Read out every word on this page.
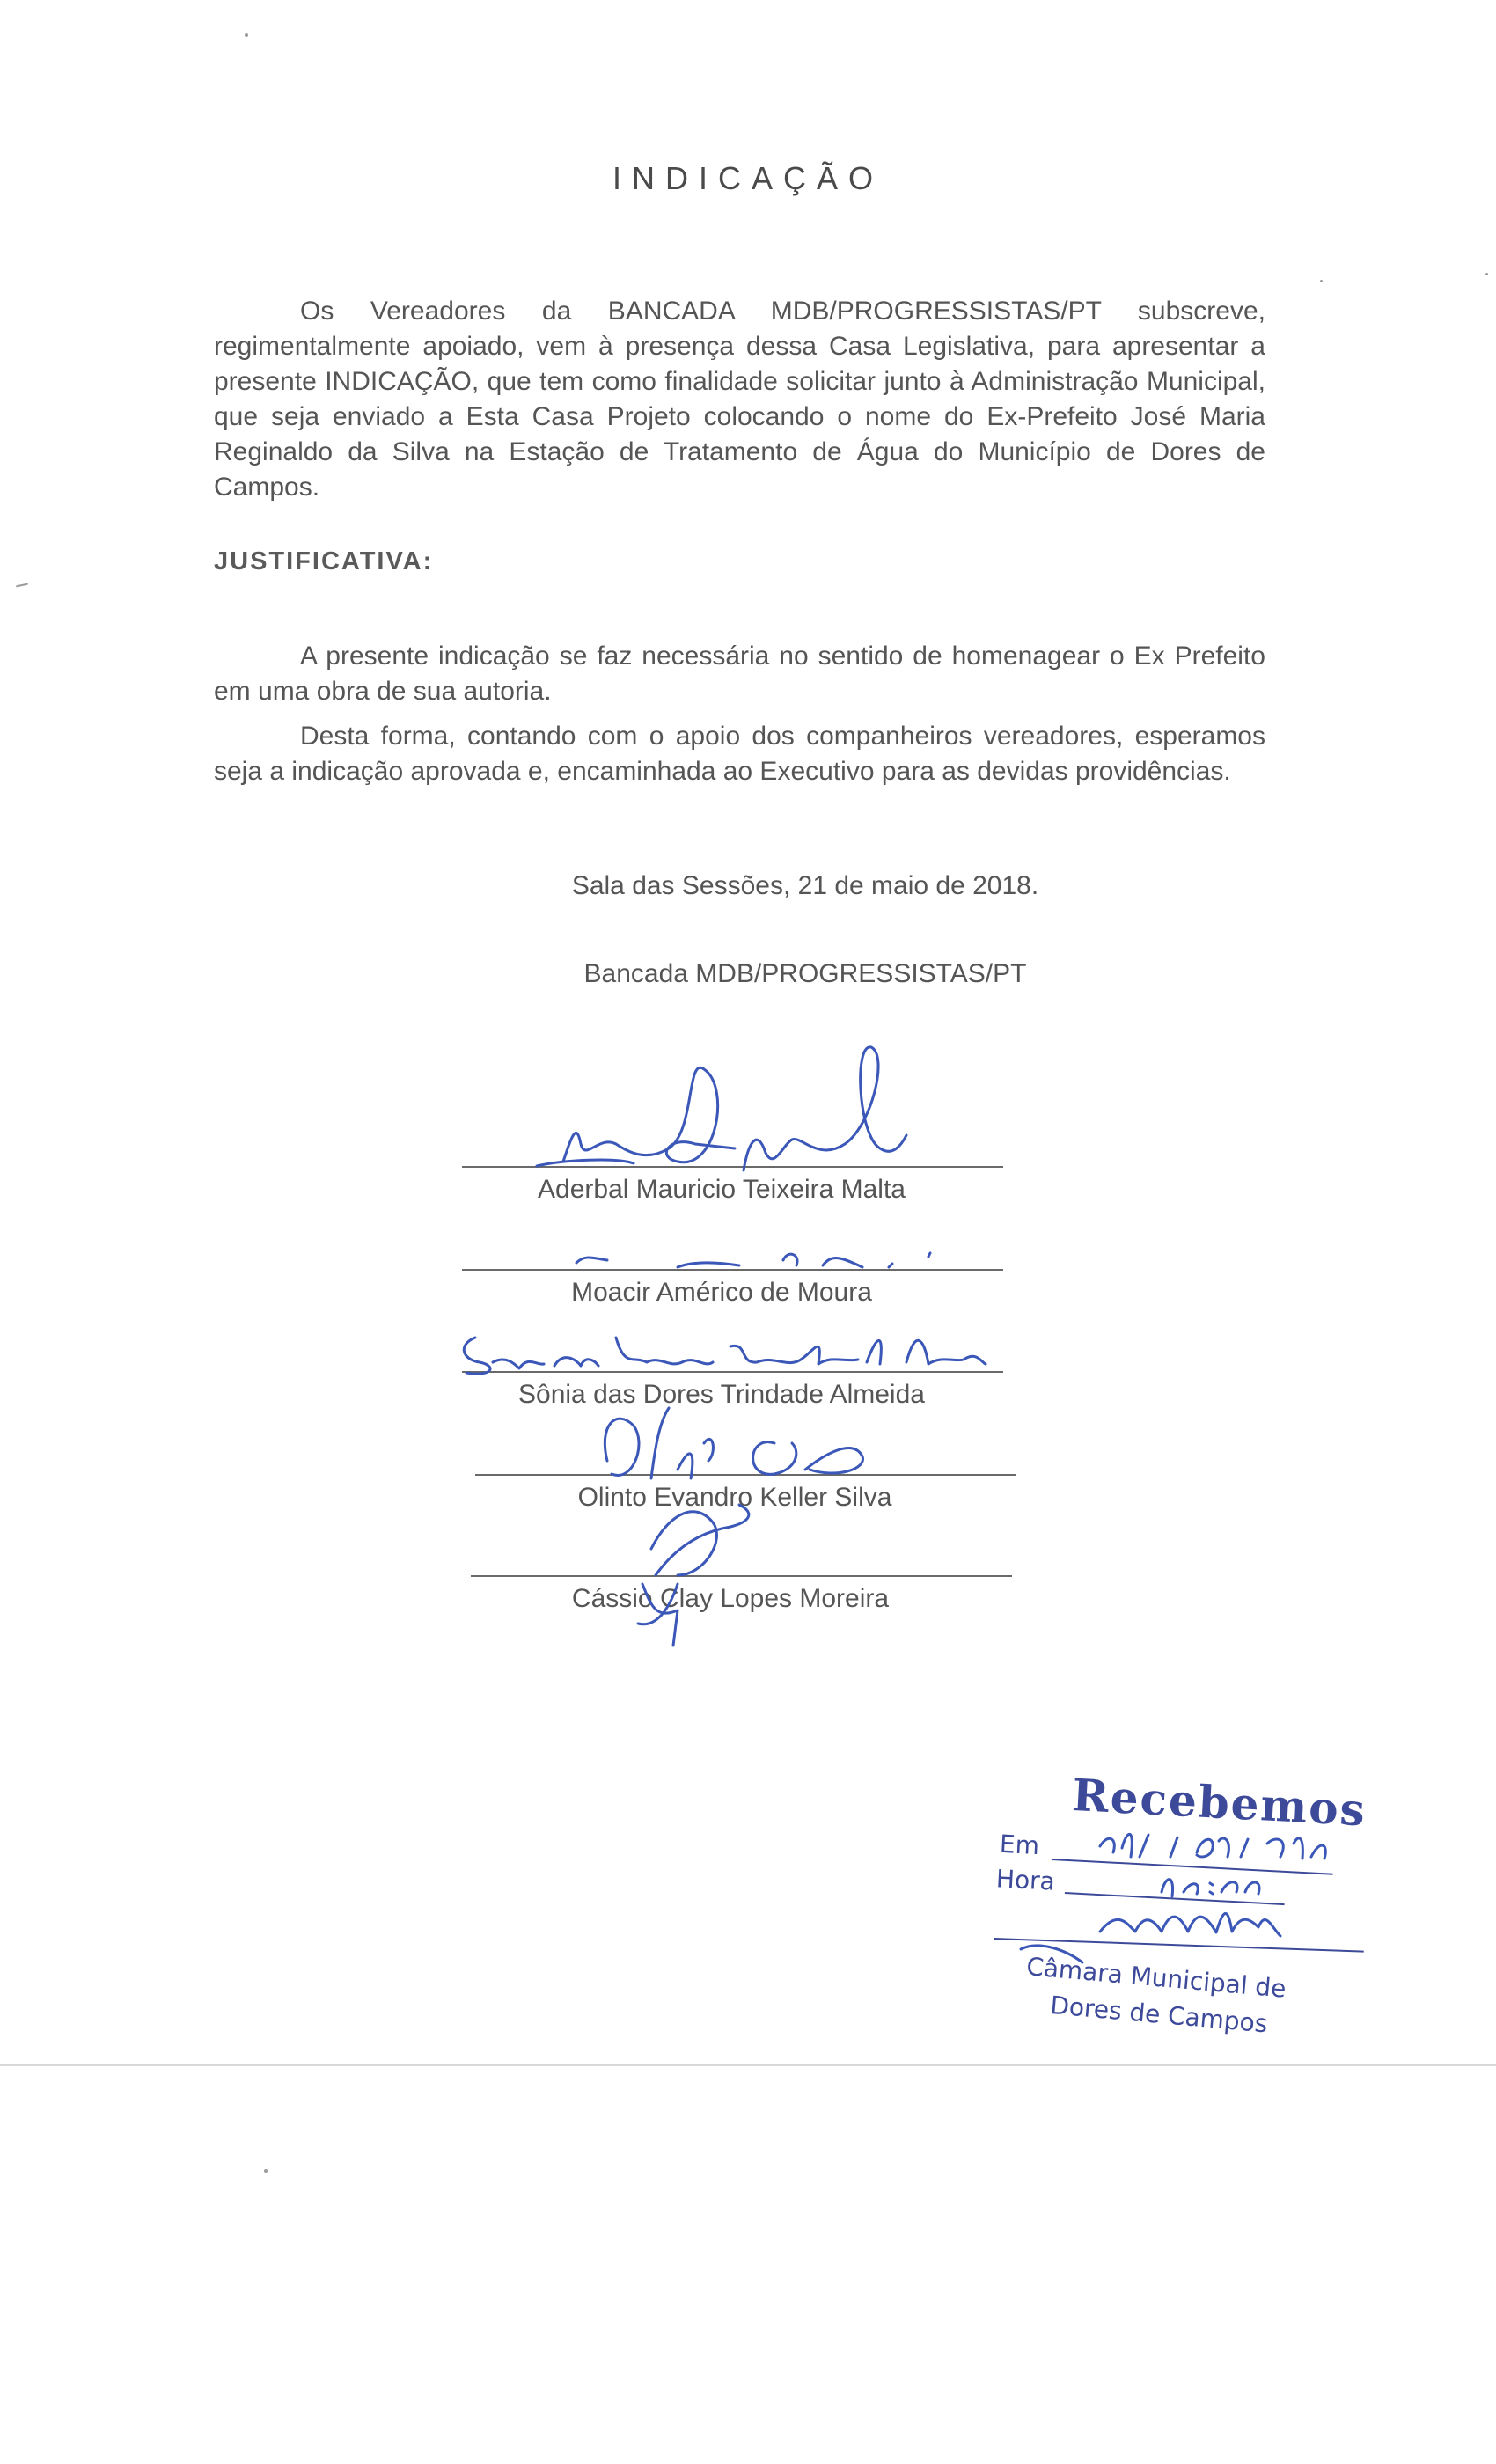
INDICAÇÃO
Os Vereadores da BANCADA MDB/PROGRESSISTAS/PT subscreve, regimentalmente apoiado, vem à presença dessa Casa Legislativa, para apresentar a presente INDICAÇÃO, que tem como finalidade solicitar junto à Administração Municipal, que seja enviado a Esta Casa Projeto colocando o nome do Ex-Prefeito José Maria Reginaldo da Silva na Estação de Tratamento de Água do Município de Dores de Campos.
JUSTIFICATIVA:
A presente indicação se faz necessária no sentido de homenagear o Ex Prefeito em uma obra de sua autoria.
Desta forma, contando com o apoio dos companheiros vereadores, esperamos seja a indicação aprovada e, encaminhada ao Executivo para as devidas providências.
Sala das Sessões, 21 de maio de 2018.
Bancada MDB/PROGRESSISTAS/PT
Aderbal Mauricio Teixeira Malta
Moacir Américo de Moura
Sônia das Dores Trindade Almeida
Olinto Evandro Keller Silva
Cássio Clay Lopes Moreira
Recebemos
Em
Hora
Câmara Municipal de
Dores de Campos
